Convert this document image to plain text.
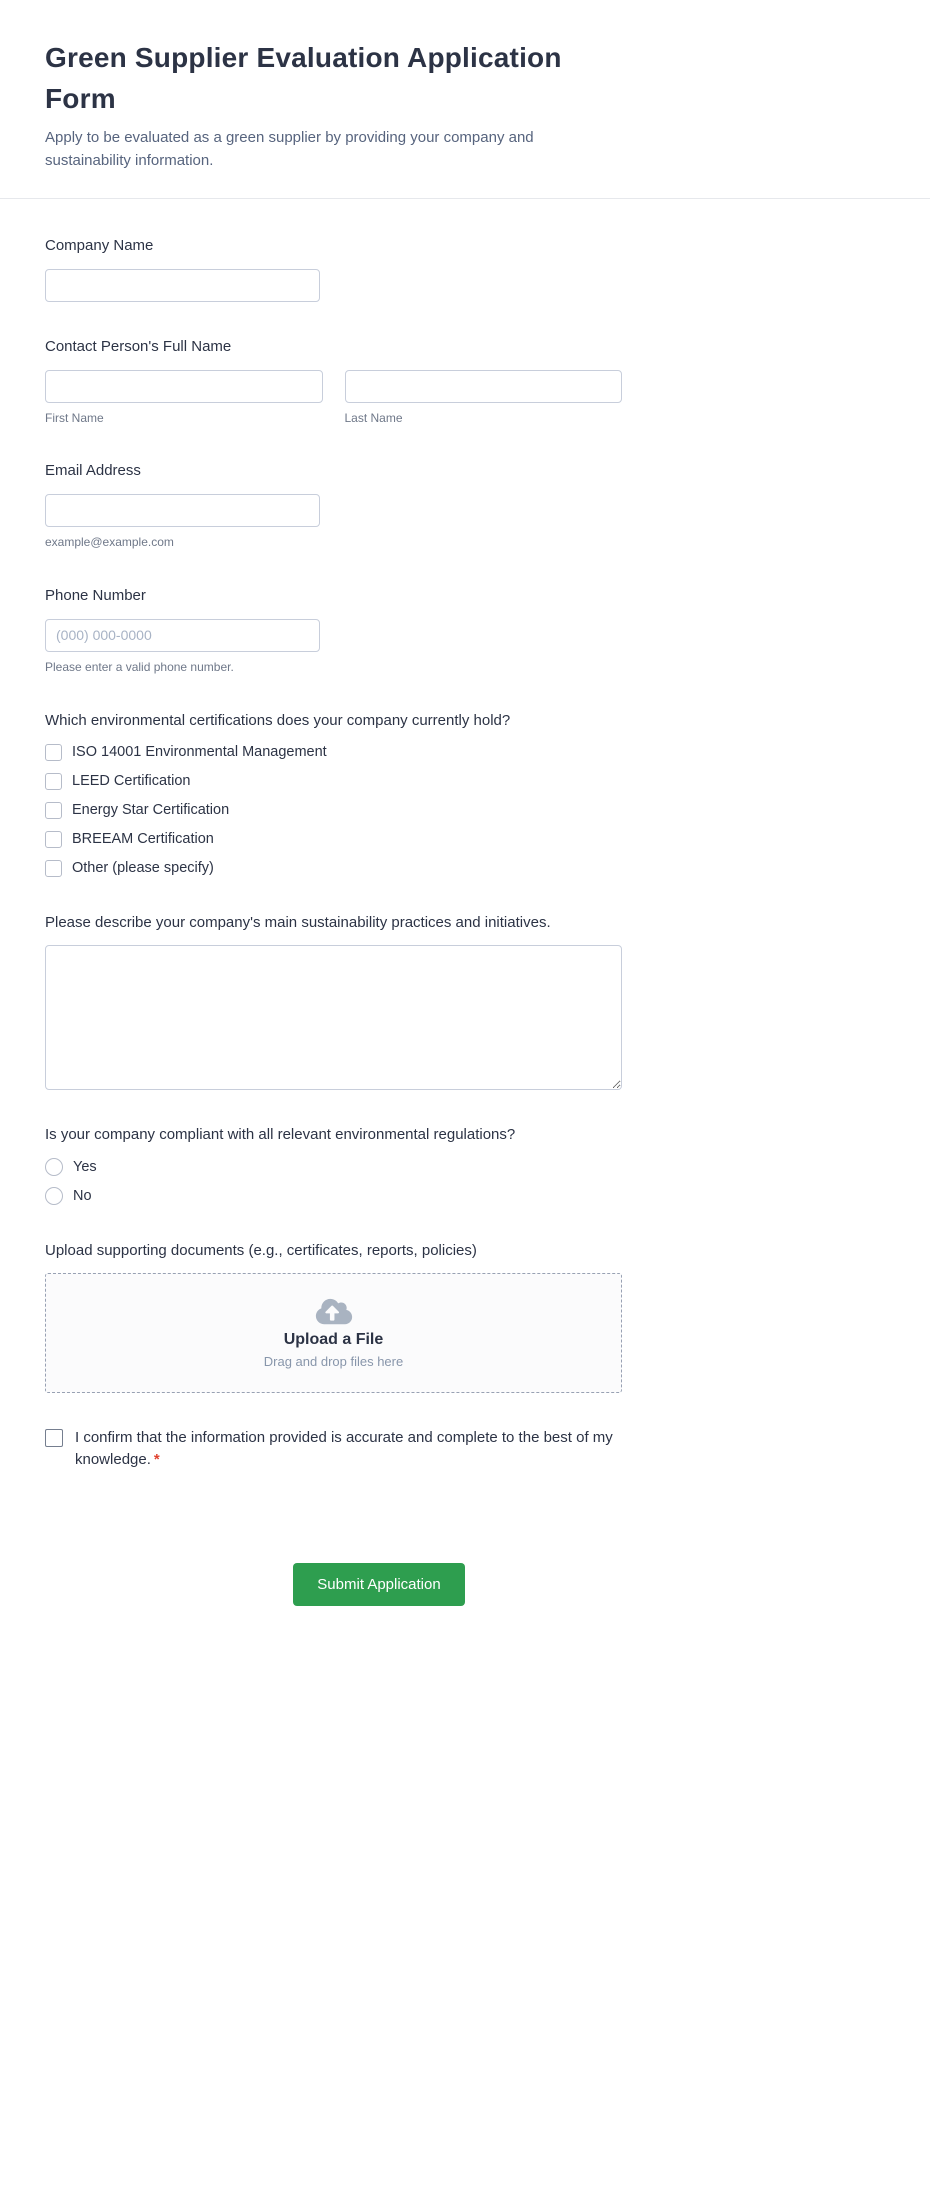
Green Supplier Evaluation Application Form

Apply to be evaluated as a green supplier by providing your company and sustainability information.

Company Name
Contact Person's Full Name
First Name	Last Name
Email Address
example@example.com
Phone Number
(000) 000-0000
Please enter a valid phone number.
Which environmental certifications does your company currently hold?
ISO 14001 Environmental Management
LEED Certification
Energy Star Certification
BREEAM Certification
Other (please specify)
Please describe your company's main sustainability practices and initiatives.
Is your company compliant with all relevant environmental regulations?
Yes
No
Upload supporting documents (e.g., certificates, reports, policies)
Upload a File
Drag and drop files here
I confirm that the information provided is accurate and complete to the best of my knowledge. *
Submit Application
